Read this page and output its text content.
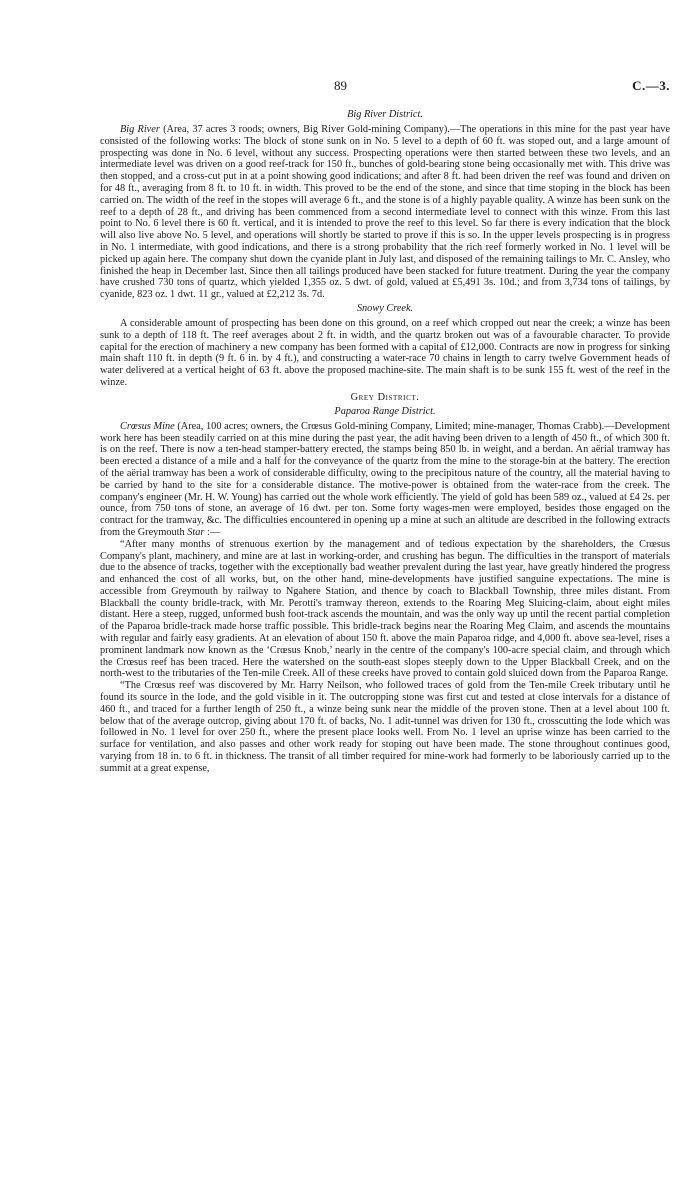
89	C.—3.
Big River District.

Big River (Area, 37 acres 3 roods; owners, Big River Gold-mining Company).—The operations in this mine for the past year have consisted of the following works: The block of stone sunk on in No. 5 level to a depth of 60 ft. was stoped out, and a large amount of prospecting was done in No. 6 level, without any success. Prospecting operations were then started between these two levels, and an intermediate level was driven on a good reef-track for 150 ft., bunches of gold-bearing stone being occasionally met with. This drive was then stopped, and a cross-cut put in at a point showing good indications; and after 8 ft. had been driven the reef was found and driven on for 48 ft., averaging from 8 ft. to 10 ft. in width. This proved to be the end of the stone, and since that time stoping in the block has been carried on. The width of the reef in the stopes will average 6 ft., and the stone is of a highly payable quality. A winze has been sunk on the reef to a depth of 28 ft., and driving has been commenced from a second intermediate level to connect with this winze. From this last point to No. 6 level there is 60 ft. vertical, and it is intended to prove the reef to this level. So far there is every indication that the block will also live above No. 5 level, and operations will shortly be started to prove if this is so. In the upper levels prospecting is in progress in No. 1 intermediate, with good indications, and there is a strong probability that the rich reef formerly worked in No. 1 level will be picked up again here. The company shut down the cyanide plant in July last, and disposed of the remaining tailings to Mr. C. Ansley, who finished the heap in December last. Since then all tailings produced have been stacked for future treatment. During the year the company have crushed 730 tons of quartz, which yielded 1,355 oz. 5 dwt. of gold, valued at £5,491 3s. 10d.; and from 3,734 tons of tailings, by cyanide, 823 oz. 1 dwt. 11 gr., valued at £2,212 3s. 7d.

Snowy Creek.

A considerable amount of prospecting has been done on this ground, on a reef which cropped out near the creek; a winze has been sunk to a depth of 118 ft. The reef averages about 2 ft. in width, and the quartz broken out was of a favourable character. To provide capital for the erection of machinery a new company has been formed with a capital of £12,000. Contracts are now in progress for sinking main shaft 110 ft. in depth (9 ft. 6 in. by 4 ft.), and constructing a water-race 70 chains in length to carry twelve Government heads of water delivered at a vertical height of 63 ft. above the proposed machine-site. The main shaft is to be sunk 155 ft. west of the reef in the winze.

Grey District.
Paparoa Range District.

Crœsus Mine (Area, 100 acres; owners, the Crœsus Gold-mining Company, Limited; mine-manager, Thomas Crabb).—Development work here has been steadily carried on at this mine during the past year, the adit having been driven to a length of 450 ft., of which 300 ft. is on the reef. There is now a ten-head stamper-battery erected, the stamps being 850 lb. in weight, and a berdan. An aërial tramway has been erected a distance of a mile and a half for the conveyance of the quartz from the mine to the storage-bin at the battery. The erection of the aërial tramway has been a work of considerable difficulty, owing to the precipitous nature of the country, all the material having to be carried by hand to the site for a considerable distance. The motive-power is obtained from the water-race from the creek. The company's engineer (Mr. H. W. Young) has carried out the whole work efficiently. The yield of gold has been 589 oz., valued at £4 2s. per ounce, from 750 tons of stone, an average of 16 dwt. per ton. Some forty wages-men were employed, besides those engaged on the contract for the tramway, &c. The difficulties encountered in opening up a mine at such an altitude are described in the following extracts from the Greymouth Star :—

“After many months of strenuous exertion by the management and of tedious expectation by the shareholders, the Crœsus Company's plant, machinery, and mine are at last in working-order, and crushing has begun. The difficulties in the transport of materials due to the absence of tracks, together with the exceptionally bad weather prevalent during the last year, have greatly hindered the progress and enhanced the cost of all works, but, on the other hand, mine-developments have justified sanguine expectations. The mine is accessible from Greymouth by railway to Ngahere Station, and thence by coach to Blackball Township, three miles distant. From Blackball the county bridle-track, with Mr. Perotti's tramway thereon, extends to the Roaring Meg Sluicing-claim, about eight miles distant. Here a steep, rugged, unformed bush foot-track ascends the mountain, and was the only way up until the recent partial completion of the Paparoa bridle-track made horse traffic possible. This bridle-track begins near the Roaring Meg Claim, and ascends the mountains with regular and fairly easy gradients. At an elevation of about 150 ft. above the main Paparoa ridge, and 4,000 ft. above sea-level, rises a prominent landmark now known as the ‘Crœsus Knob,’ nearly in the centre of the company's 100-acre special claim, and through which the Crœsus reef has been traced. Here the watershed on the south-east slopes steeply down to the Upper Blackball Creek, and on the north-west to the tributaries of the Ten-mile Creek. All of these creeks have proved to contain gold sluiced down from the Paparoa Range.

“The Crœsus reef was discovered by Mr. Harry Neilson, who followed traces of gold from the Ten-mile Creek tributary until he found its source in the lode, and the gold visible in it. The outcropping stone was first cut and tested at close intervals for a distance of 460 ft., and traced for a further length of 250 ft., a winze being sunk near the middle of the proven stone. Then at a level about 100 ft. below that of the average outcrop, giving about 170 ft. of backs, No. 1 adit-tunnel was driven for 130 ft., crosscutting the lode which was followed in No. 1 level for over 250 ft., where the present place looks well. From No. 1 level an uprise winze has been carried to the surface for ventilation, and also passes and other work ready for stoping out have been made. The stone throughout continues good, varying from 18 in. to 6 ft. in thickness. The transit of all timber required for mine-work had formerly to be laboriously carried up to the summit at a great expense,
